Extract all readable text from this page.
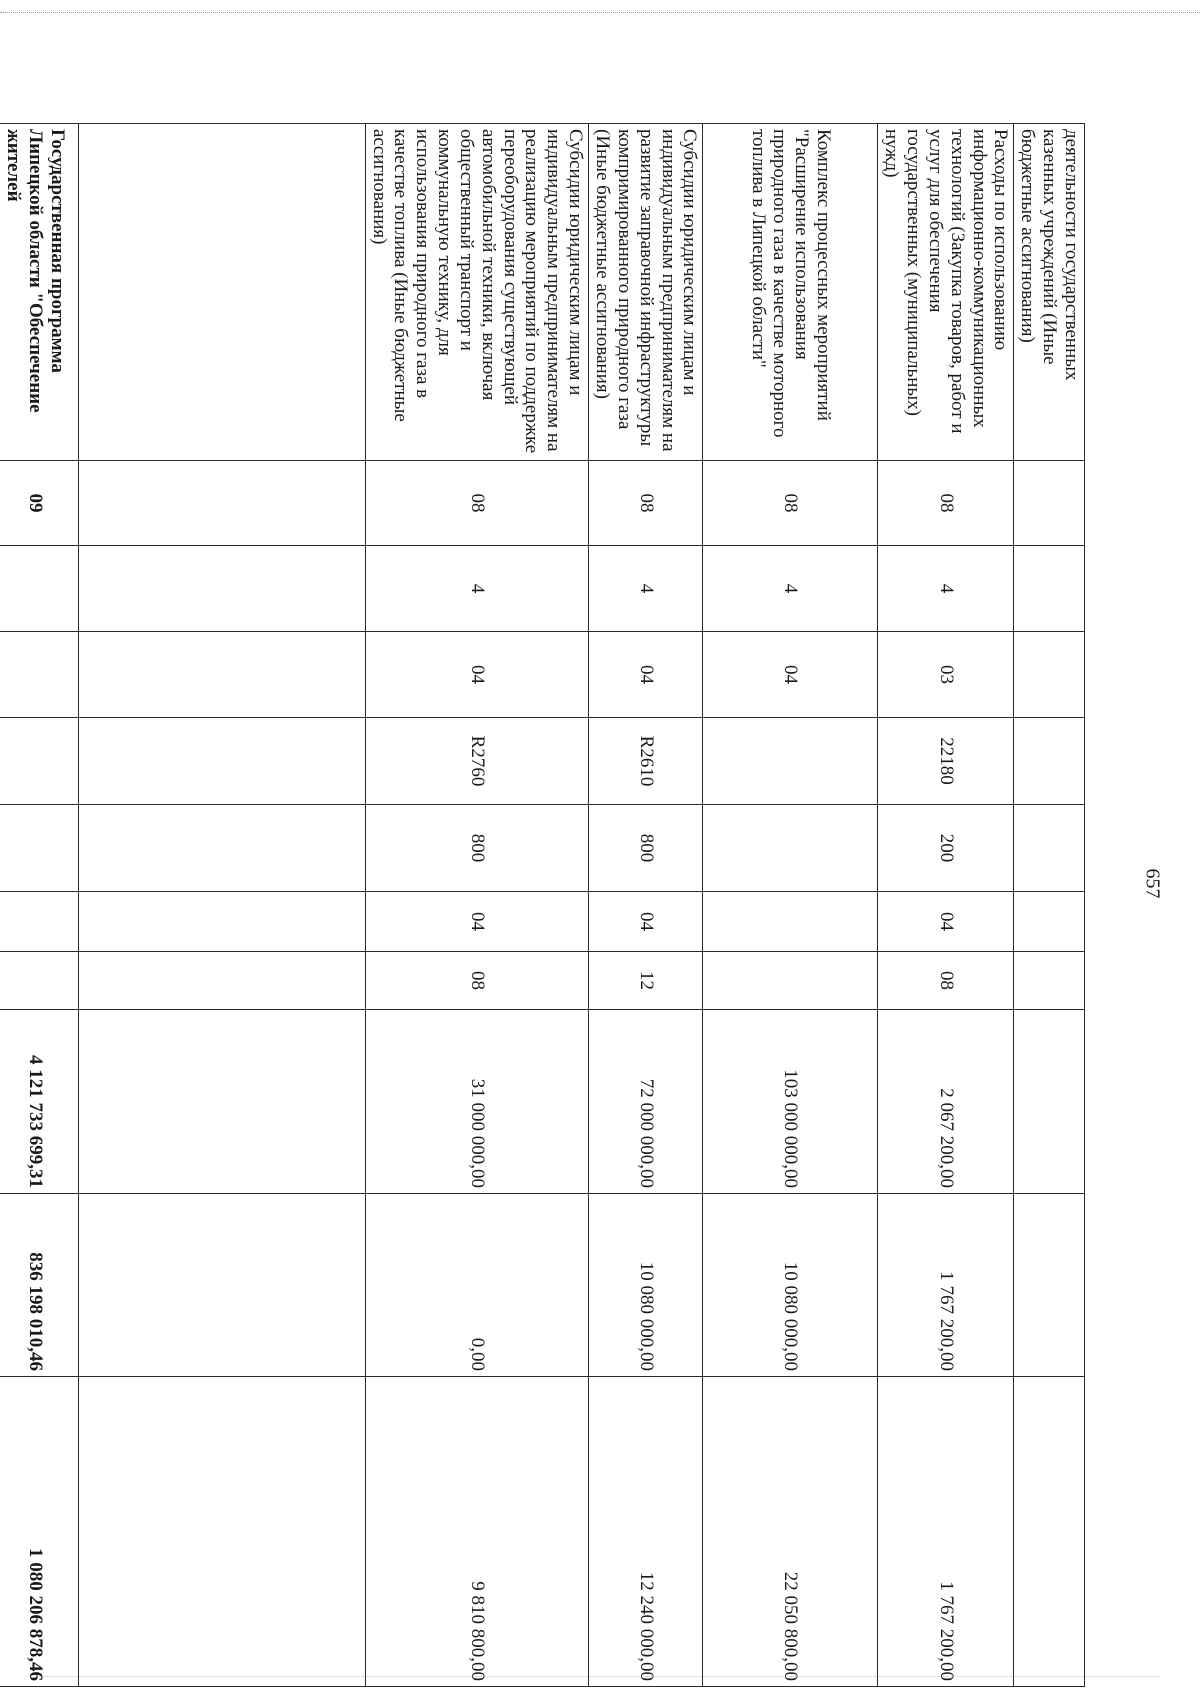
657
деятельности государственных казенных учреждений (Иные бюджетные ассигнования)										
Расходы по использованию информационно-коммуникационных технологий (Закупка товаров, работ и услуг для обеспечения государственных (муниципальных) нужд)	08	4	03	22180	200	04	08	2 067 200,00	1 767 200,00	1 767 200,00
Комплекс процессных мероприятий "Расширение использования природного газа в качестве моторного топлива в Липецкой области"	08	4	04					103 000 000,00	10 080 000,00	22 050 800,00
Субсидии юридическим лицам и индивидуальным предпринимателям на развитие заправочной инфраструктуры компримированного природного газа (Иные бюджетные ассигнования)	08	4	04	R2610	800	04	12	72 000 000,00	10 080 000,00	12 240 000,00
Субсидии юридическим лицам и индивидуальным предпринимателям на реализацию мероприятий по поддержке переоборудования существующей автомобильной техники, включая общественный транспорт и коммунальную технику, для использования природного газа в качестве топлива (Иные бюджетные ассигнования)	08	4	04	R2760	800	04	08	31 000 000,00	0,00	9 810 800,00

Государственная программа Липецкой области "Обеспечение жителей	09							4 121 733 699,31	836 198 010,46	1 080 206 878,46
